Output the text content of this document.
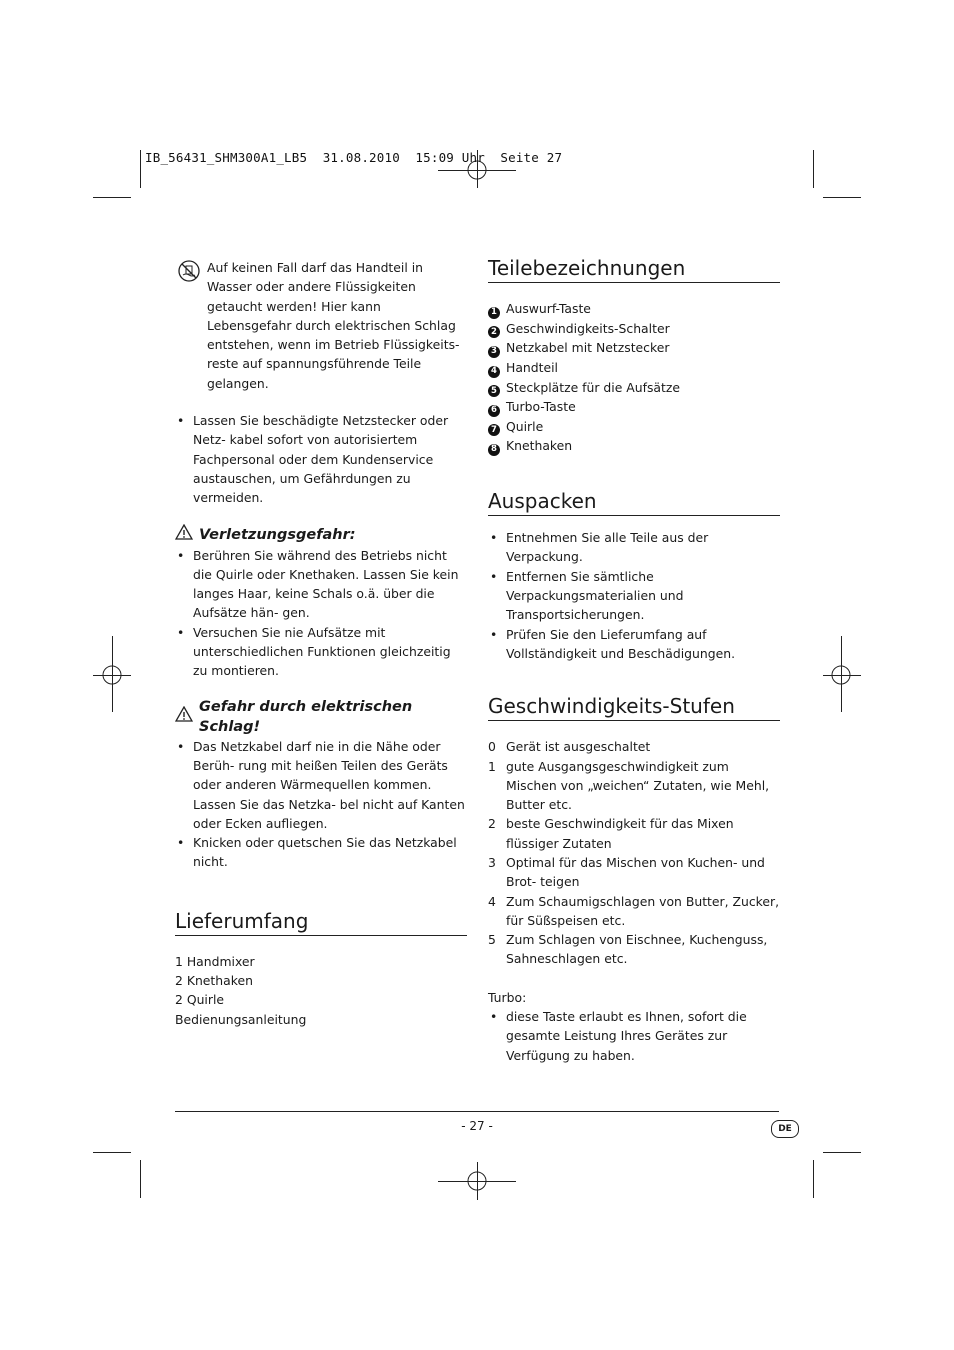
IB_56431_SHM300A1_LB5  31.08.2010  15:09 Uhr  Seite 27

Auf keinen Fall darf das Handteil in Wasser oder andere Flüssigkeiten getaucht werden! Hier kann Lebensgefahr durch elektrischen Schlag entstehen, wenn im Betrieb Flüssigkeits- reste auf spannungsführende Teile gelangen.

• Lassen Sie beschädigte Netzstecker oder Netz- kabel sofort von autorisiertem Fachpersonal oder dem Kundenservice austauschen, um Gefährdungen zu vermeiden.
Verletzungsgefahr:
• Berühren Sie während des Betriebs nicht die Quirle oder Knethaken. Lassen Sie kein langes Haar, keine Schals o.ä. über die Aufsätze hän- gen.
• Versuchen Sie nie Aufsätze mit unterschiedlichen Funktionen gleichzeitig zu montieren.
Gefahr durch elektrischen Schlag!
• Das Netzkabel darf nie in die Nähe oder Berüh- rung mit heißen Teilen des Geräts oder anderen Wärmequellen kommen. Lassen Sie das Netzka- bel nicht auf Kanten oder Ecken aufliegen.
• Knicken oder quetschen Sie das Netzkabel nicht.
Lieferumfang

1 Handmixer

2 Knethaken

2 Quirle

Bedienungsanleitung

Teilebezeichnungen

1 Auswurf-Taste

2 Geschwindigkeits-Schalter

3 Netzkabel mit Netzstecker

4 Handteil

5 Steckplätze für die Aufsätze

6 Turbo-Taste

7 Quirle

8 Knethaken

Auspacken
• Entnehmen Sie alle Teile aus der Verpackung.
• Entfernen Sie sämtliche Verpackungsmaterialien und Transportsicherungen.
• Prüfen Sie den Lieferumfang auf Vollständigkeit und Beschädigungen.
Geschwindigkeits-Stufen
0 Gerät ist ausgeschaltet
1 gute Ausgangsgeschwindigkeit zum Mischen von „weichen“ Zutaten, wie Mehl, Butter etc.
2 beste Geschwindigkeit für das Mixen flüssiger Zutaten
3 Optimal für das Mischen von Kuchen- und Brot- teigen
4 Zum Schaumigschlagen von Butter, Zucker, für Süßspeisen etc.
5 Zum Schlagen von Eischnee, Kuchenguss, Sahneschlagen etc.

Turbo:

• diese Taste erlaubt es Ihnen, sofort die gesamte Leistung Ihres Gerätes zur Verfügung zu haben.
- 27 -	DE
